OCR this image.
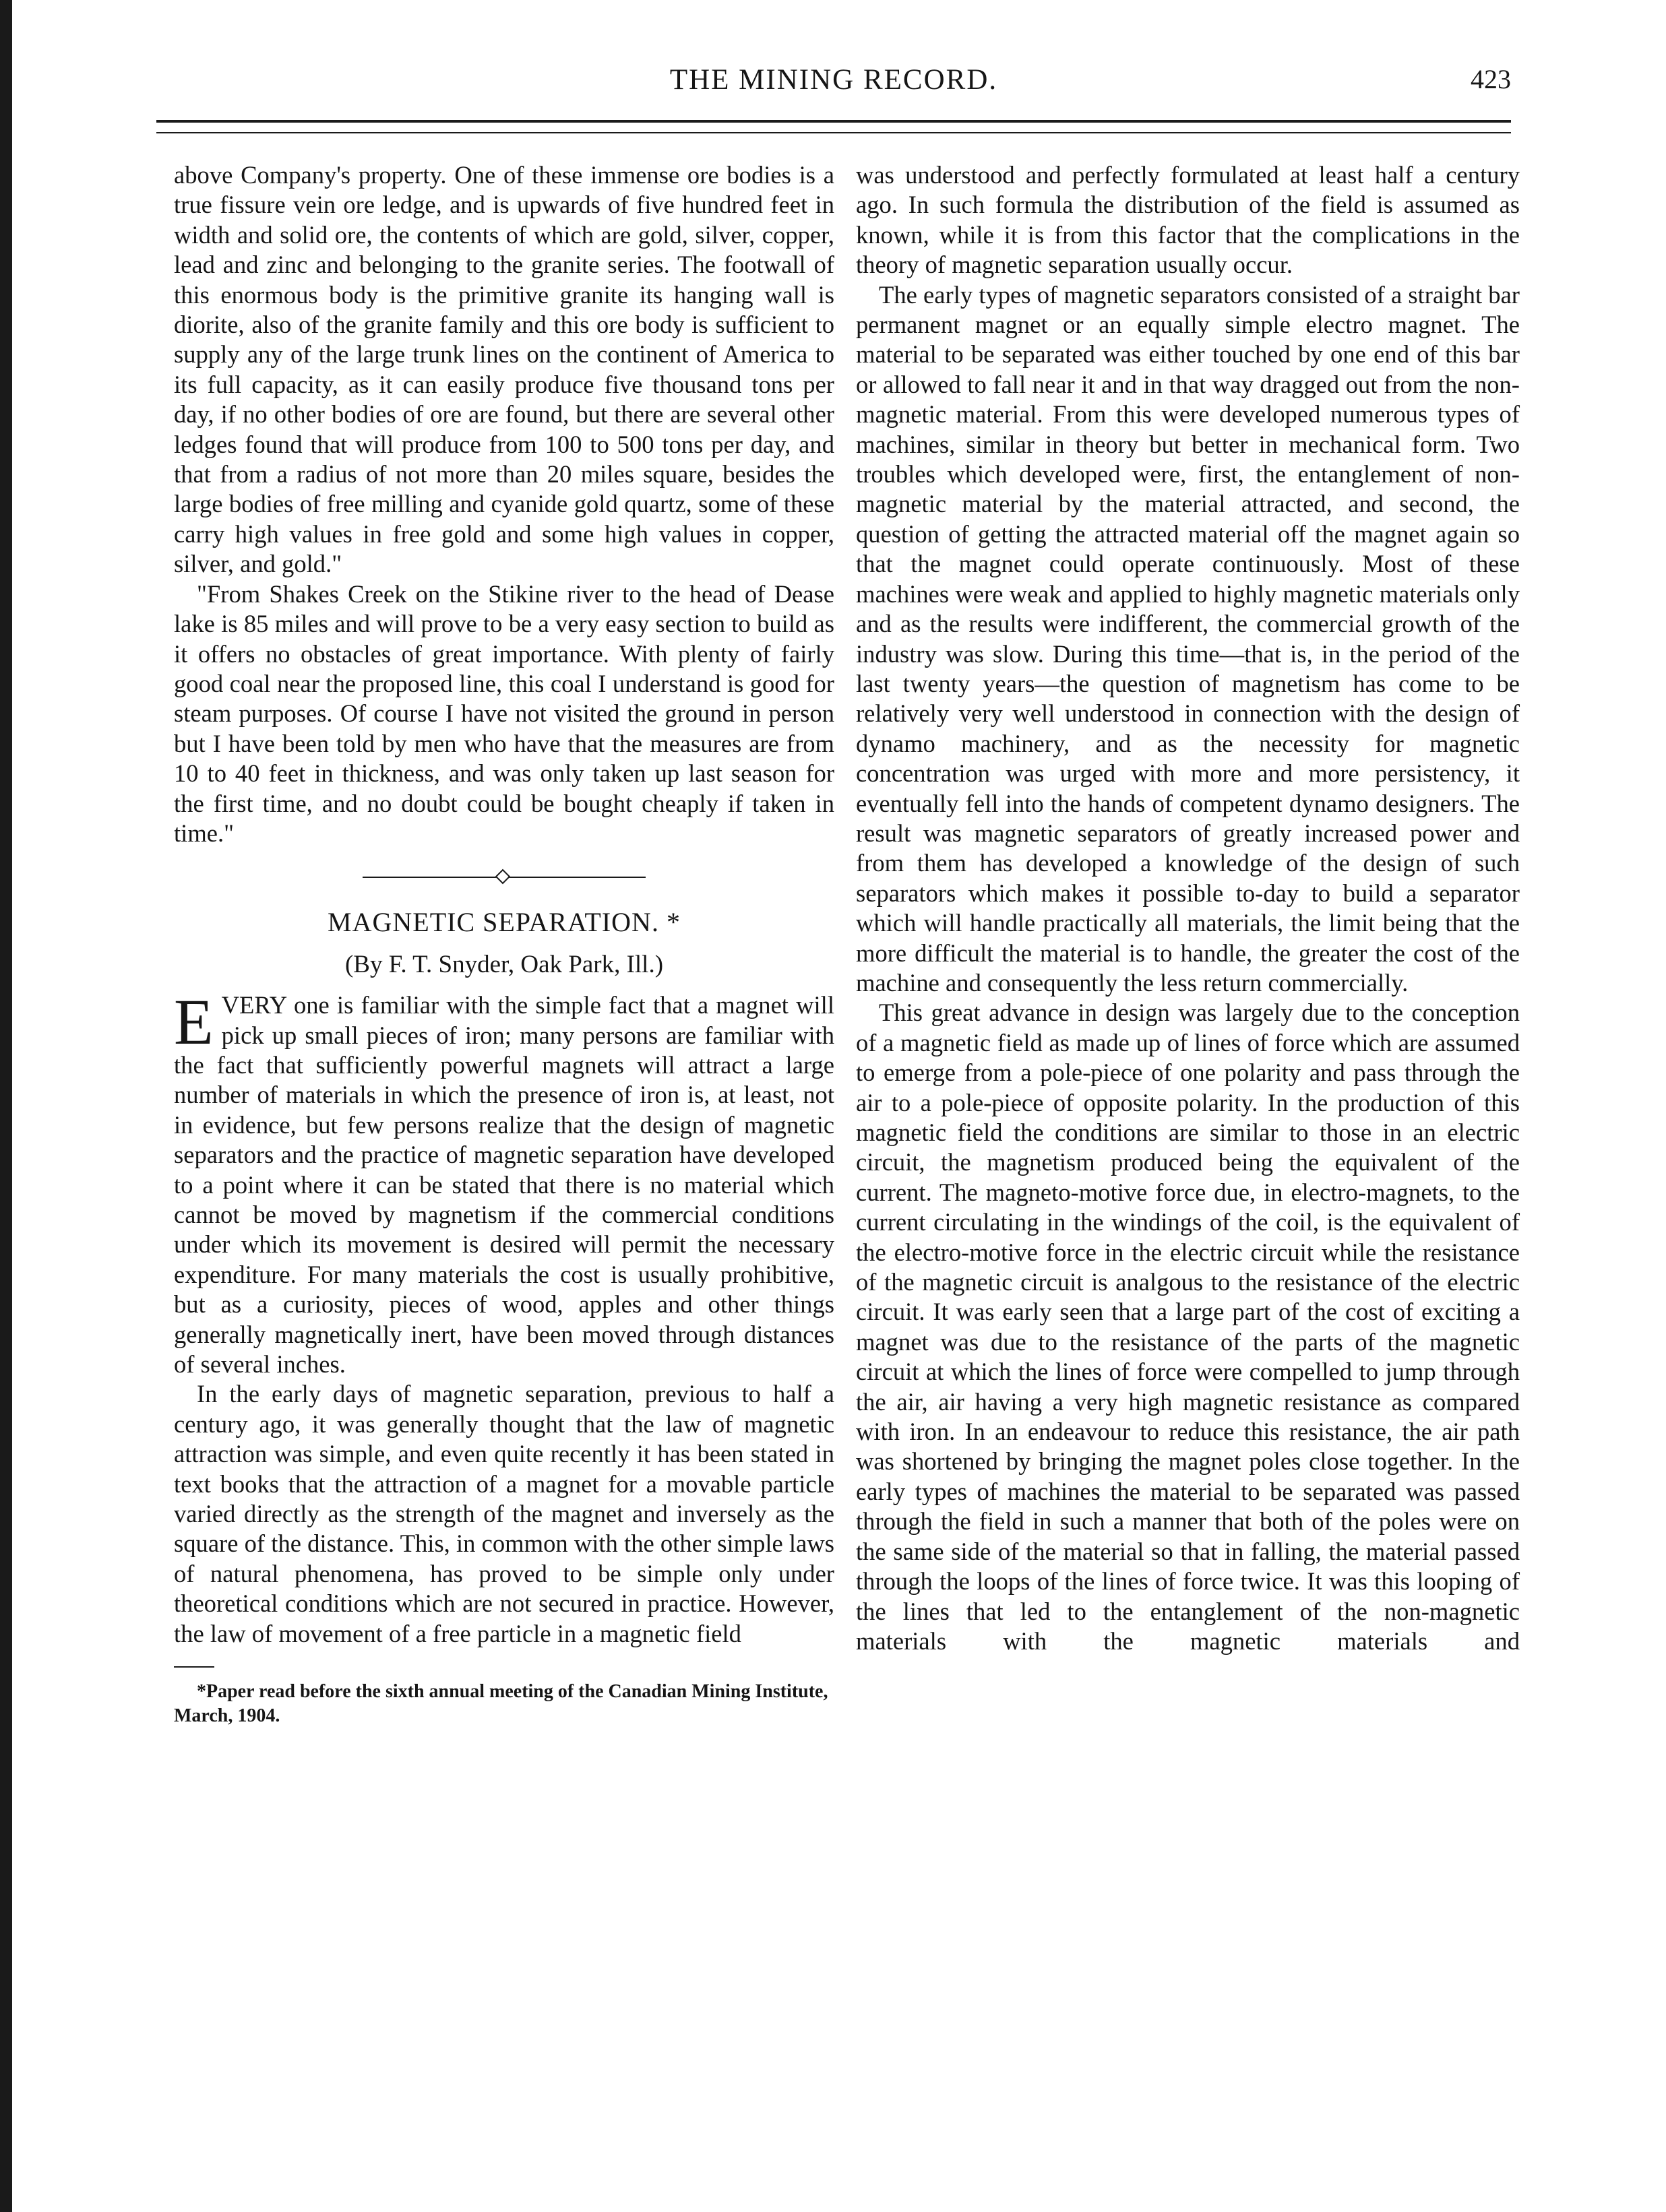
THE MINING RECORD.	423

above Company's property. One of these immense ore bodies is a true fissure vein ore ledge, and is upwards of five hundred feet in width and solid ore, the contents of which are gold, silver, copper, lead and zinc and belonging to the granite series. The footwall of this enormous body is the primitive granite its hanging wall is diorite, also of the granite family and this ore body is sufficient to supply any of the large trunk lines on the continent of America to its full capacity, as it can easily produce five thousand tons per day, if no other bodies of ore are found, but there are several other ledges found that will produce from 100 to 500 tons per day, and that from a radius of not more than 20 miles square, besides the large bodies of free milling and cyanide gold quartz, some of these carry high values in free gold and some high values in copper, silver, and gold."

"From Shakes Creek on the Stikine river to the head of Dease lake is 85 miles and will prove to be a very easy section to build as it offers no obstacles of great importance. With plenty of fairly good coal near the proposed line, this coal I understand is good for steam purposes. Of course I have not visited the ground in person but I have been told by men who have that the measures are from 10 to 40 feet in thickness, and was only taken up last season for the first time, and no doubt could be bought cheaply if taken in time."

MAGNETIC SEPARATION. *
(By F. T. Snyder, Oak Park, Ill.)

EVERY one is familiar with the simple fact that a magnet will pick up small pieces of iron; many persons are familiar with the fact that sufficiently powerful magnets will attract a large number of materials in which the presence of iron is, at least, not in evidence, but few persons realize that the design of magnetic separators and the practice of magnetic separation have developed to a point where it can be stated that there is no material which cannot be moved by magnetism if the commercial conditions under which its movement is desired will permit the necessary expenditure. For many materials the cost is usually prohibitive, but as a curiosity, pieces of wood, apples and other things generally magnetically inert, have been moved through distances of several inches.

In the early days of magnetic separation, previous to half a century ago, it was generally thought that the law of magnetic attraction was simple, and even quite recently it has been stated in text books that the attraction of a magnet for a movable particle varied directly as the strength of the magnet and inversely as the square of the distance. This, in common with the other simple laws of natural phenomena, has proved to be simple only under theoretical conditions which are not secured in practice. However, the law of movement of a free particle in a magnetic field

*Paper read before the sixth annual meeting of the Canadian Mining Institute, March, 1904.

was understood and perfectly formulated at least half a century ago. In such formula the distribution of the field is assumed as known, while it is from this factor that the complications in the theory of magnetic separation usually occur.

The early types of magnetic separators consisted of a straight bar permanent magnet or an equally simple electro magnet. The material to be separated was either touched by one end of this bar or allowed to fall near it and in that way dragged out from the non-magnetic material. From this were developed numerous types of machines, similar in theory but better in mechanical form. Two troubles which developed were, first, the entanglement of non-magnetic material by the material attracted, and second, the question of getting the attracted material off the magnet again so that the magnet could operate continuously. Most of these machines were weak and applied to highly magnetic materials only and as the results were indifferent, the commercial growth of the industry was slow. During this time—that is, in the period of the last twenty years—the question of magnetism has come to be relatively very well understood in connection with the design of dynamo machinery, and as the necessity for magnetic concentration was urged with more and more persistency, it eventually fell into the hands of competent dynamo designers. The result was magnetic separators of greatly increased power and from them has developed a knowledge of the design of such separators which makes it possible to-day to build a separator which will handle practically all materials, the limit being that the more difficult the material is to handle, the greater the cost of the machine and consequently the less return commercially.

This great advance in design was largely due to the conception of a magnetic field as made up of lines of force which are assumed to emerge from a pole-piece of one polarity and pass through the air to a pole-piece of opposite polarity. In the production of this magnetic field the conditions are similar to those in an electric circuit, the magnetism produced being the equivalent of the current. The magneto-motive force due, in electro-magnets, to the current circulating in the windings of the coil, is the equivalent of the electro-motive force in the electric circuit while the resistance of the magnetic circuit is analgous to the resistance of the electric circuit. It was early seen that a large part of the cost of exciting a magnet was due to the resistance of the parts of the magnetic circuit at which the lines of force were compelled to jump through the air, air having a very high magnetic resistance as compared with iron. In an endeavour to reduce this resistance, the air path was shortened by bringing the magnet poles close together. In the early types of machines the material to be separated was passed through the field in such a manner that both of the poles were on the same side of the material so that in falling, the material passed through the loops of the lines of force twice. It was this looping of the lines that led to the entanglement of the non-magnetic materials with the magnetic materials and
